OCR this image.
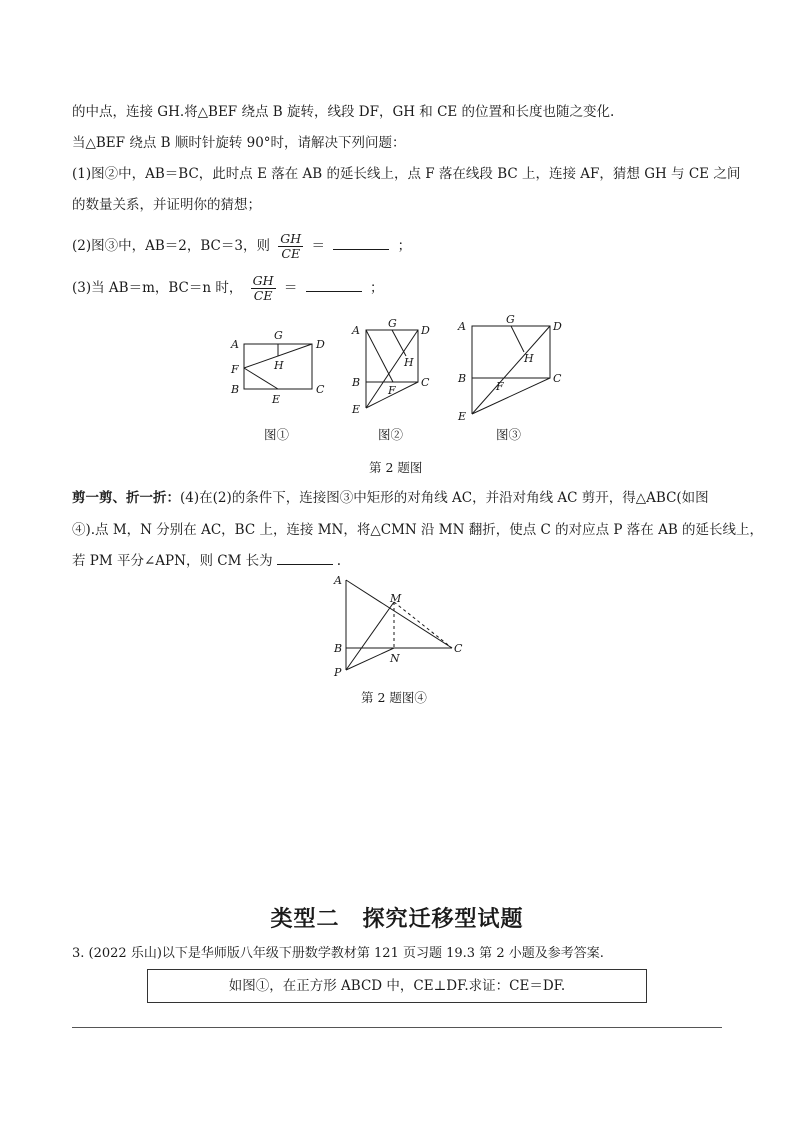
的中点，连接 GH.将△BEF 绕点 B 旋转，线段 DF，GH 和 CE 的位置和长度也随之变化.
当△BEF 绕点 B 顺时针旋转 90°时，请解决下列问题：
(1)图②中，AB＝BC，此时点 E 落在 AB 的延长线上，点 F 落在线段 BC 上，连接 AF，猜想 GH 与 CE 之间
的数量关系，并证明你的猜想；
(2)图③中，AB＝2，BC＝3，则 $\frac{GH}{CE}$ ＝	；
(3)当 AB＝m，BC＝n 时， $\frac{GH}{CE}$ ＝	；
A
G
D
F	H
B
E
C
图①
A
G
D
H
B
F
C
E
图②
A
G
D
H
B
F
C
E
图③
第 2 题图
剪一剪、折一折：(4)在(2)的条件下，连接图③中矩形的对角线 AC，并沿对角线 AC 剪开，得△ABC(如图
④).点 M，N 分别在 AC，BC 上，连接 MN，将△CMN 沿 MN 翻折，使点 C 的对应点 P 落在 AB 的延长线上，
若 PM 平分∠APN，则 CM 长为	.
A
M
B
N
C
P
第 2 题图④
类型二　探究迁移型试题
3. (2022 乐山)以下是华师版八年级下册数学教材第 121 页习题 19.3 第 2 小题及参考答案.
如图①，在正方形 ABCD 中，CE⊥DF.求证：CE＝DF.
